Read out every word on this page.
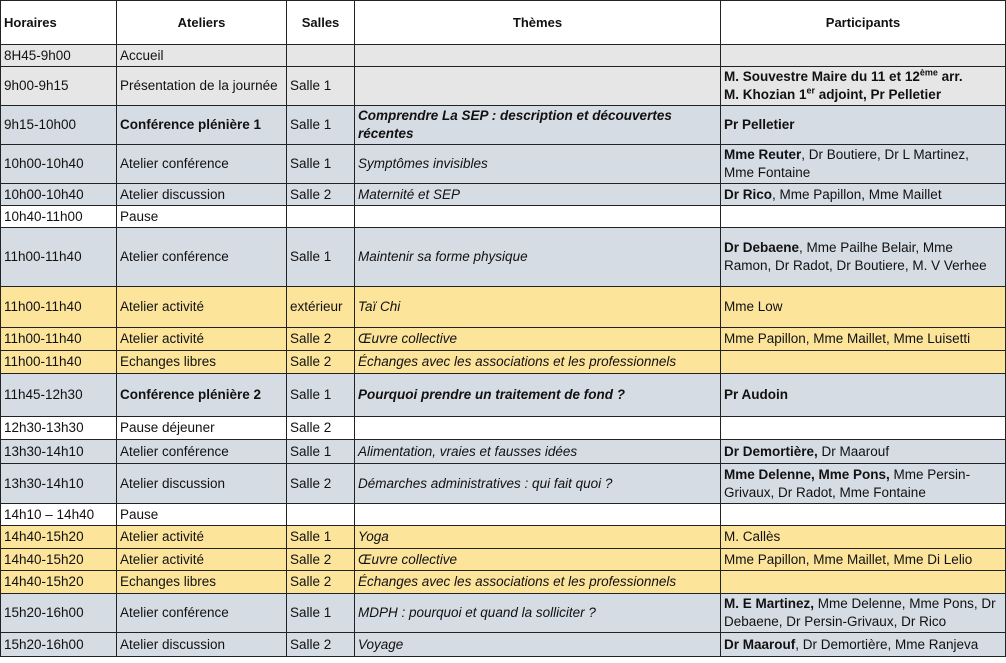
Horaires	Ateliers	Salles	Thèmes	Participants
8H45-9h00	Accueil			
9h00-9h15	Présentation de la journée	Salle 1		M. Souvestre Maire du 11 et 12ème arr.
M. Khozian 1er adjoint, Pr Pelletier

9h15-10h00	Conférence plénière 1	Salle 1	Comprendre La SEP : description et découvertes récentes	Pr Pelletier
10h00-10h40	Atelier conférence	Salle 1	Symptômes invisibles	Mme Reuter, Dr Boutiere, Dr L Martinez, Mme Fontaine
10h00-10h40	Atelier discussion	Salle 2	Maternité et SEP	Dr Rico, Mme Papillon, Mme Maillet
10h40-11h00	Pause			
11h00-11h40	Atelier conférence	Salle 1	Maintenir sa forme physique	Dr Debaene, Mme Pailhe Belair, Mme Ramon, Dr Radot, Dr Boutiere, M. V Verhee
11h00-11h40	Atelier activité	extérieur	Taï Chi	Mme Low
11h00-11h40	Atelier activité	Salle 2	Œuvre collective	Mme Papillon, Mme Maillet, Mme Luisetti
11h00-11h40	Echanges libres	Salle 2	Échanges avec les associations et les professionnels	
11h45-12h30	Conférence plénière 2	Salle 1	Pourquoi prendre un traitement de fond ?	Pr Audoin
12h30-13h30	Pause déjeuner	Salle 2		
13h30-14h10	Atelier conférence	Salle 1	Alimentation, vraies et fausses idées	Dr Demortière, Dr Maarouf
13h30-14h10	Atelier discussion	Salle 2	Démarches administratives : qui fait quoi ?	Mme Delenne, Mme Pons, Mme Persin-Grivaux, Dr Radot, Mme Fontaine
14h10 – 14h40	Pause			
14h40-15h20	Atelier activité	Salle 1	Yoga	M. Callès
14h40-15h20	Atelier activité	Salle 2	Œuvre collective	Mme Papillon, Mme Maillet, Mme Di Lelio
14h40-15h20	Echanges libres	Salle 2	Échanges avec les associations et les professionnels	
15h20-16h00	Atelier conférence	Salle 1	MDPH : pourquoi et quand la solliciter ?	M. E Martinez, Mme Delenne, Mme Pons, Dr Debaene, Dr Persin-Grivaux, Dr Rico
15h20-16h00	Atelier discussion	Salle 2	Voyage	Dr Maarouf, Dr Demortière, Mme Ranjeva
